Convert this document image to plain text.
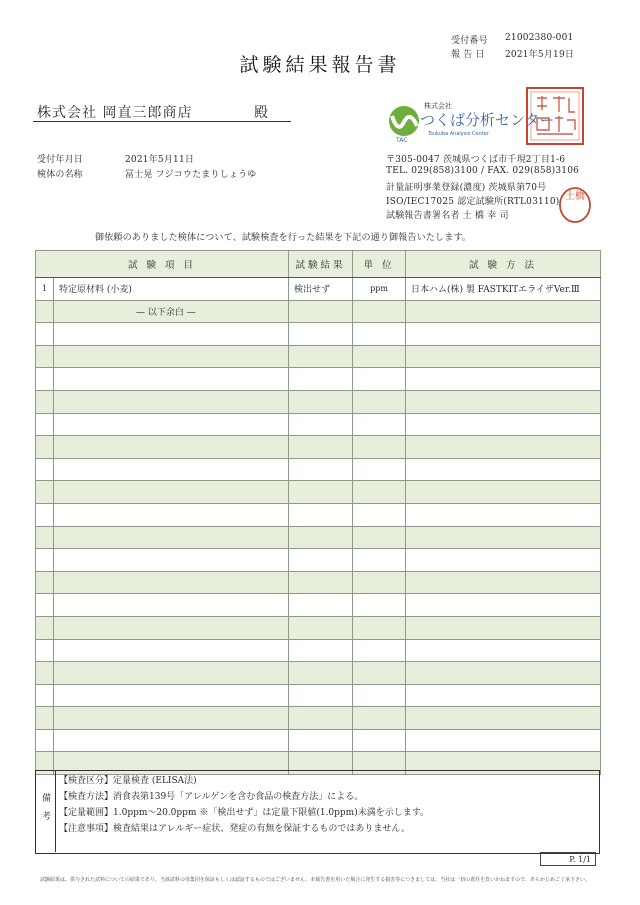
受付番号 21002380-001
報 告 日 2021年5月19日
試験結果報告書
株式会社 岡直三郎商店	殿
受付年月日	2021年5月11日
検体の名称	冨士晃 フジコウたまりしょうゆ
株式会社
つくば分析センター
Tsukuba Analysis Center
TAC
〒305-0047 茨城県つくば市千現2丁目1-6
TEL. 029(858)3100 / FAX. 029(858)3106
計量証明事業登録(濃度) 茨城県第70号
ISO/IEC17025 認定試験所(RTL03110)
試験報告書署名者 土 橋 幸 司
土橋
御依頼のありました検体について、試験検査を行った結果を下記の通り御報告いたします。
試 験 項 目		試験結果	単 位	試 験 方 法
1	特定原材料 (小麦)	検出せず	ppm	日本ハム(株) 製 FASTKITエライザVer.Ⅲ
	— 以下余白 —			

備 考
【検査区分】定量検査 (ELISA法)
【検査方法】消食表第139号「アレルゲンを含む食品の検査方法」による。
【定量範囲】1.0ppm～20.0ppm ※「検出せず」は定量下限値(1.0ppm)未満を示します。
【注意事項】検査結果はアレルギー症状、発症の有無を保証するものではありません。
P. 1/1
試験結果は、供与された試料についての結果であり、当該試料の母集団を保証もしくは認証するものではございません。本報告書を用いた場合に発生する損害等につきましては、当社は一切の責任を負いかねますので、あらかじめご了承下さい。
